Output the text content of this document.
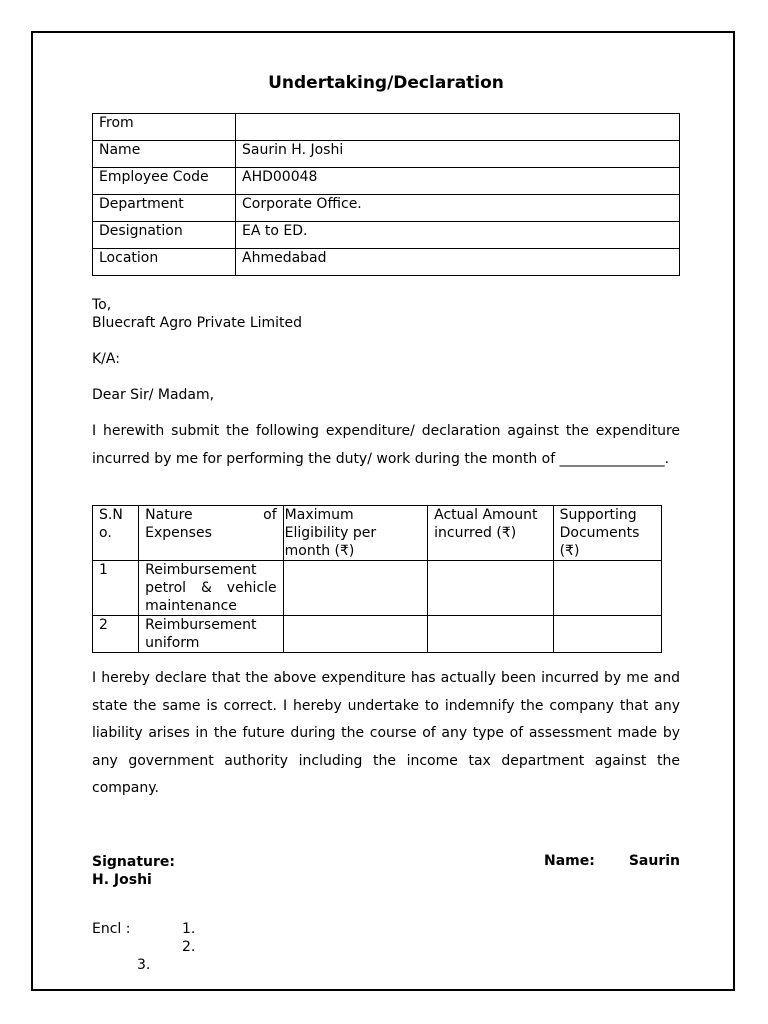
Undertaking/Declaration
From	
Name	Saurin H. Joshi
Employee Code	AHD00048
Department	Corporate Office.
Designation	EA to ED.
Location	Ahmedabad
To,
Bluecraft Agro Private Limited
K/A:
Dear Sir/ Madam,
I herewith submit the following expenditure/ declaration against the expenditure incurred by me for performing the duty/ work during the month of _______________.
S.N o.	Nature of Expenses	Maximum Eligibility per month (₹)	Actual Amount incurred (₹)	Supporting Documents (₹)
1	Reimbursement petrol & vehicle maintenance			
2	Reimbursement uniform			
I hereby declare that the above expenditure has actually been incurred by me and state the same is correct. I hereby undertake to indemnify the company that any liability arises in the future during the course of any type of assessment made by any government authority including the income tax department against the company.
Signature:
H. Joshi
Name:	Saurin
Encl :	1.
2.
3.
